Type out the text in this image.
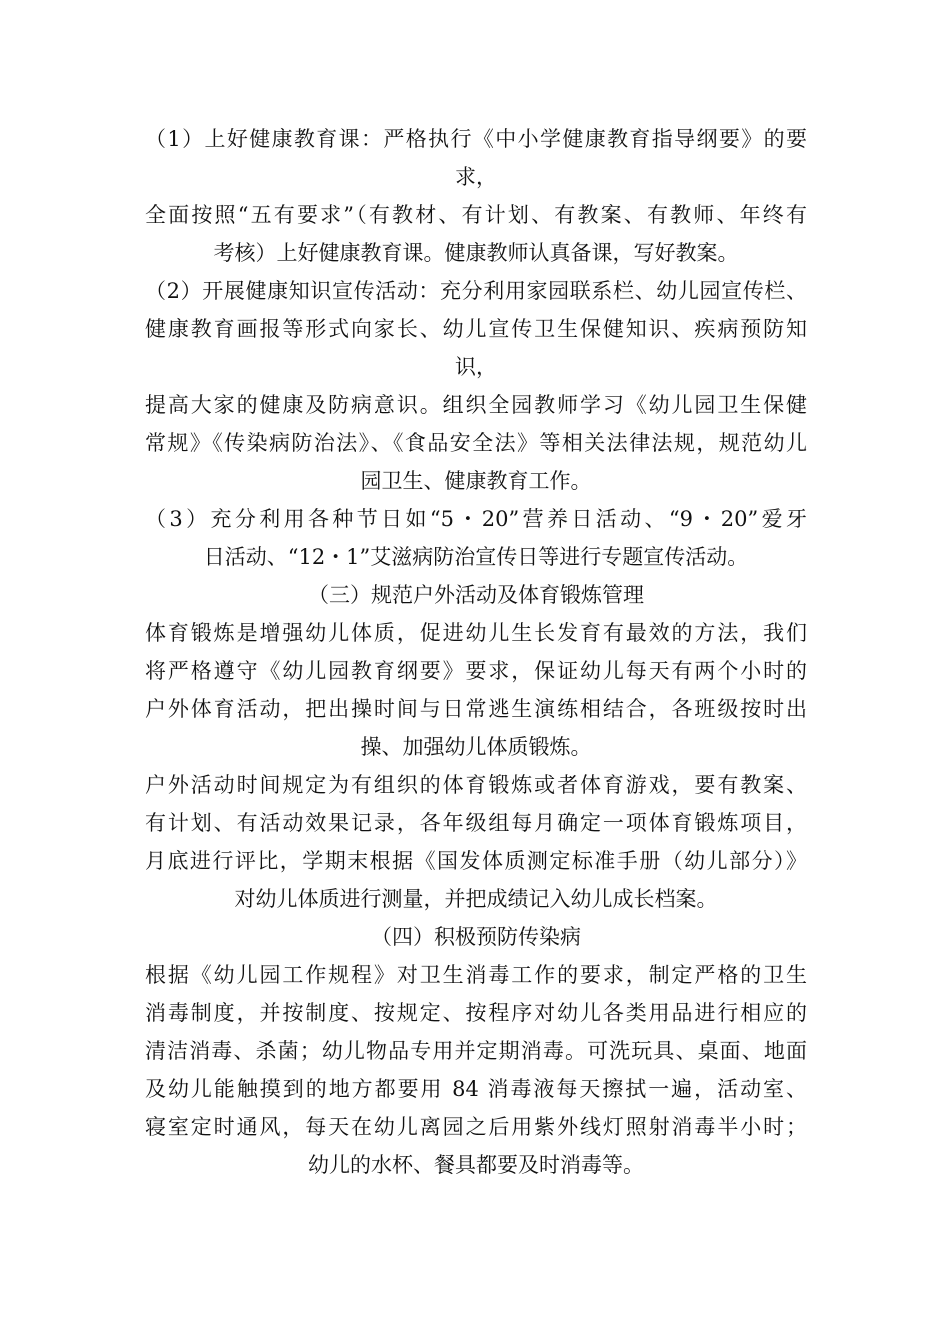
（1）上好健康教育课：严格执行《中小学健康教育指导纲要》的要
求，
全面按照“五有要求”（有教材、有计划、有教案、有教师、年终有
考核）上好健康教育课。健康教师认真备课，写好教案。
（2）开展健康知识宣传活动：充分利用家园联系栏、幼儿园宣传栏、
健康教育画报等形式向家长、幼儿宣传卫生保健知识、疾病预防知
识，
提高大家的健康及防病意识。组织全园教师学习《幼儿园卫生保健
常规》《传染病防治法》、《食品安全法》等相关法律法规，规范幼儿
园卫生、健康教育工作。
（3）充分利用各种节日如“5・20”营养日活动、“9・20”爱牙
日活动、“12・1”艾滋病防治宣传日等进行专题宣传活动。
（三）规范户外活动及体育锻炼管理
体育锻炼是增强幼儿体质，促进幼儿生长发育有最效的方法，我们
将严格遵守《幼儿园教育纲要》要求，保证幼儿每天有两个小时的
户外体育活动，把出操时间与日常逃生演练相结合，各班级按时出
操、加强幼儿体质锻炼。
户外活动时间规定为有组织的体育锻炼或者体育游戏，要有教案、
有计划、有活动效果记录，各年级组每月确定一项体育锻炼项目，
月底进行评比，学期末根据《国发体质测定标准手册（幼儿部分）》
对幼儿体质进行测量，并把成绩记入幼儿成长档案。
（四）积极预防传染病
根据《幼儿园工作规程》对卫生消毒工作的要求，制定严格的卫生
消毒制度，并按制度、按规定、按程序对幼儿各类用品进行相应的
清洁消毒、杀菌；幼儿物品专用并定期消毒。可洗玩具、桌面、地面
及幼儿能触摸到的地方都要用 84 消毒液每天擦拭一遍，活动室、
寝室定时通风，每天在幼儿离园之后用紫外线灯照射消毒半小时；
幼儿的水杯、餐具都要及时消毒等。
